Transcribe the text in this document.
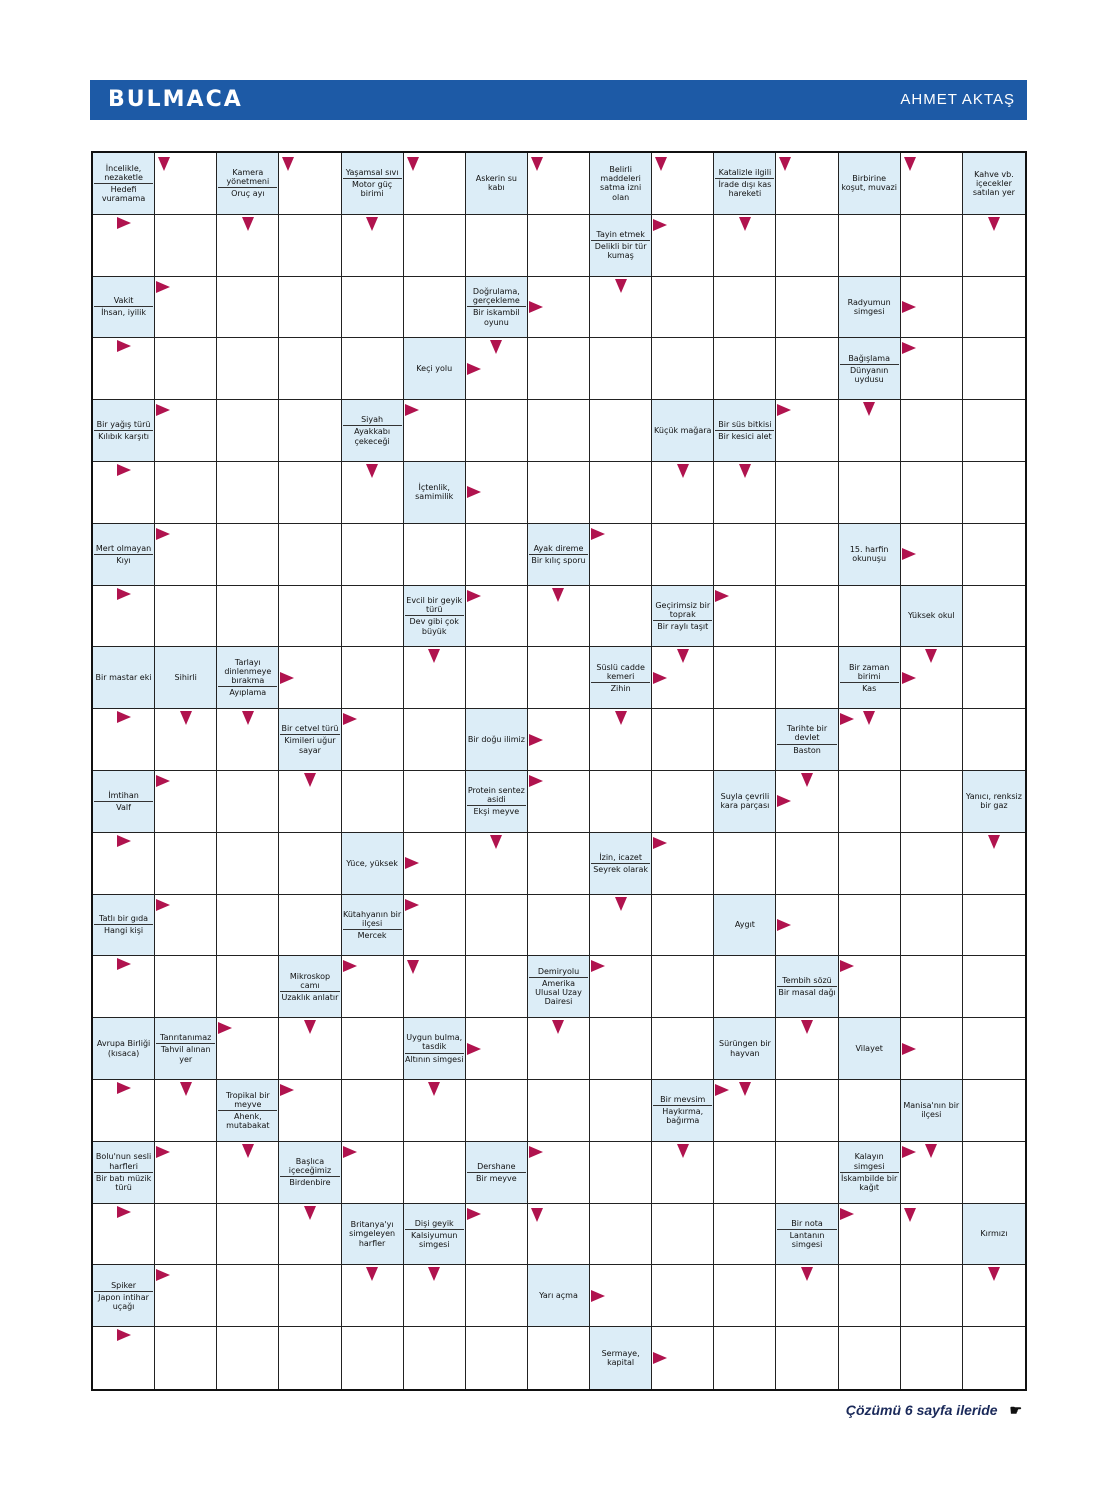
BULMACA	AHMET AKTAŞ
İncelikle, nezaketle
Hedefi vuramama
Kamera yönetmeni
Oruç ayı
Yaşamsal sıvı
Motor güç birimi
Askerin su kabı
Belirli maddeleri satma izni olan
Katalizle ilgili
İrade dışı kas hareketi
Birbirine koşut, muvazi
Kahve vb. içecekler satılan yer
Tayin etmek
Delikli bir tür kumaş
Vakit
İhsan, iyilik
Doğrulama, gerçekleme
Bir iskambil oyunu
Radyumun simgesi
Keçi yolu
Bağışlama
Dünyanın uydusu
Bir yağış türü
Kılıbık karşıtı
Siyah
Ayakkabı çekeceği
Küçük mağara
Bir süs bitkisi
Bir kesici alet
İçtenlik, samimilik
Mert olmayan
Kıyı
Ayak direme
Bir kılıç sporu
15. harfin okunuşu
Evcil bir geyik türü
Dev gibi çok büyük
Geçirimsiz bir toprak
Bir raylı taşıt
Yüksek okul
Bir mastar eki	Sihirli
Tarlayı dinlenmeye bırakma
Ayıplama
Süslü cadde kemeri
Zihin
Bir zaman birimi
Kas
Bir cetvel türü
Kimileri uğur sayar
Bir doğu ilimiz
Tarihte bir devlet
Baston
İmtihan
Valf
Protein sentez asidi
Ekşi meyve
Suyla çevrili kara parçası
Yanıcı, renksiz bir gaz
Yüce, yüksek
İzin, icazet
Seyrek olarak
Tatlı bir gıda
Hangi kişi
Kütahyanın bir ilçesi
Mercek
Aygıt
Mikroskop camı
Uzaklık anlatır
Demiryolu
Amerika Ulusal Uzay Dairesi
Tembih sözü
Bir masal dağı
Avrupa Birliği (kısaca)
Tanrıtanımaz
Tahvil alınan yer
Uygun bulma, tasdik
Altının simgesi
Sürüngen bir hayvan
Vilayet
Tropikal bir meyve
Ahenk, mutabakat
Bir mevsim
Haykırma, bağırma
Manisa'nın bir ilçesi
Bolu'nun sesli harfleri
Bir batı müzik türü
Başlıca içeceğimiz
Birdenbire
Dershane
Bir meyve
Kalayın simgesi
İskambilde bir kağıt
Britanya'yı simgeleyen harfler
Dişi geyik
Kalsiyumun simgesi
Bir nota
Lantanın simgesi
Kırmızı
Spiker
Japon intihar uçağı
Yarı açma
Sermaye, kapital
Çözümü 6 sayfa ileride ☛
